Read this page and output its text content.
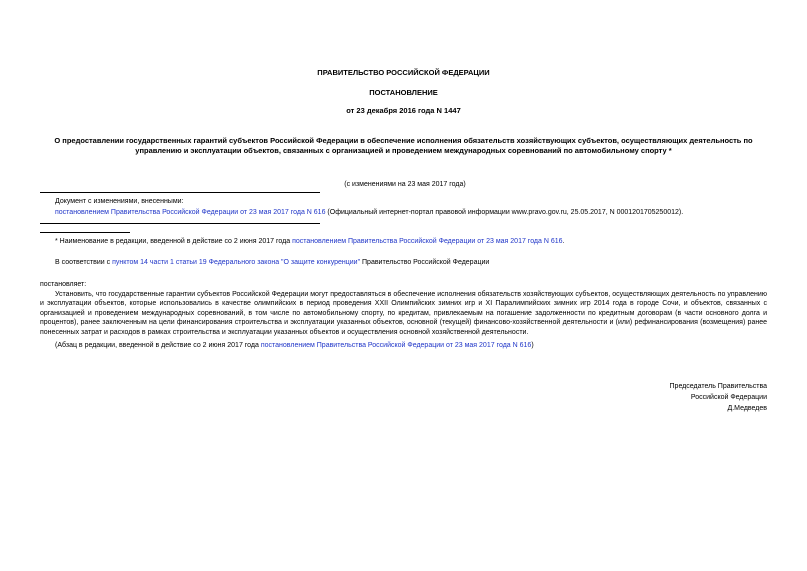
ПРАВИТЕЛЬСТВО РОССИЙСКОЙ ФЕДЕРАЦИИ
ПОСТАНОВЛЕНИЕ
от 23 декабря 2016 года N 1447
О предоставлении государственных гарантий субъектов Российской Федерации в обеспечение исполнения обязательств хозяйствующих субъектов, осуществляющих деятельность по управлению и эксплуатации объектов, связанных с организацией и проведением международных соревнований по автомобильному спорту *
(с изменениями на 23 мая 2017 года)
Документ с изменениями, внесенными:
постановлением Правительства Российской Федерации от 23 мая 2017 года N 616 (Официальный интернет-портал правовой информации www.pravo.gov.ru, 25.05.2017, N 0001201705250012).
* Наименование в редакции, введенной в действие со 2 июня 2017 года постановлением Правительства Российской Федерации от 23 мая 2017 года N 616.
В соответствии с пунктом 14 части 1 статьи 19 Федерального закона "О защите конкуренции" Правительство Российской Федерации
постановляет:
Установить, что государственные гарантии субъектов Российской Федерации могут предоставляться в обеспечение исполнения обязательств хозяйствующих субъектов, осуществляющих деятельность по управлению и эксплуатации объектов, которые использовались в качестве олимпийских в период проведения XXII Олимпийских зимних игр и XI Паралимпийских зимних игр 2014 года в городе Сочи, и объектов, связанных с организацией и проведением международных соревнований, в том числе по автомобильному спорту, по кредитам, привлекаемым на погашение задолженности по кредитным договорам (в части основного долга и процентов), ранее заключенным на цели финансирования строительства и эксплуатации указанных объектов, основной (текущей) финансово-хозяйственной деятельности и (или) рефинансирования (возмещения) ранее понесенных затрат и расходов в рамках строительства и эксплуатации указанных объектов и осуществления основной хозяйственной деятельности.
(Абзац в редакции, введенной в действие со 2 июня 2017 года постановлением Правительства Российской Федерации от 23 мая 2017 года N 616)
Председатель Правительства
Российской Федерации
Д.Медведев
